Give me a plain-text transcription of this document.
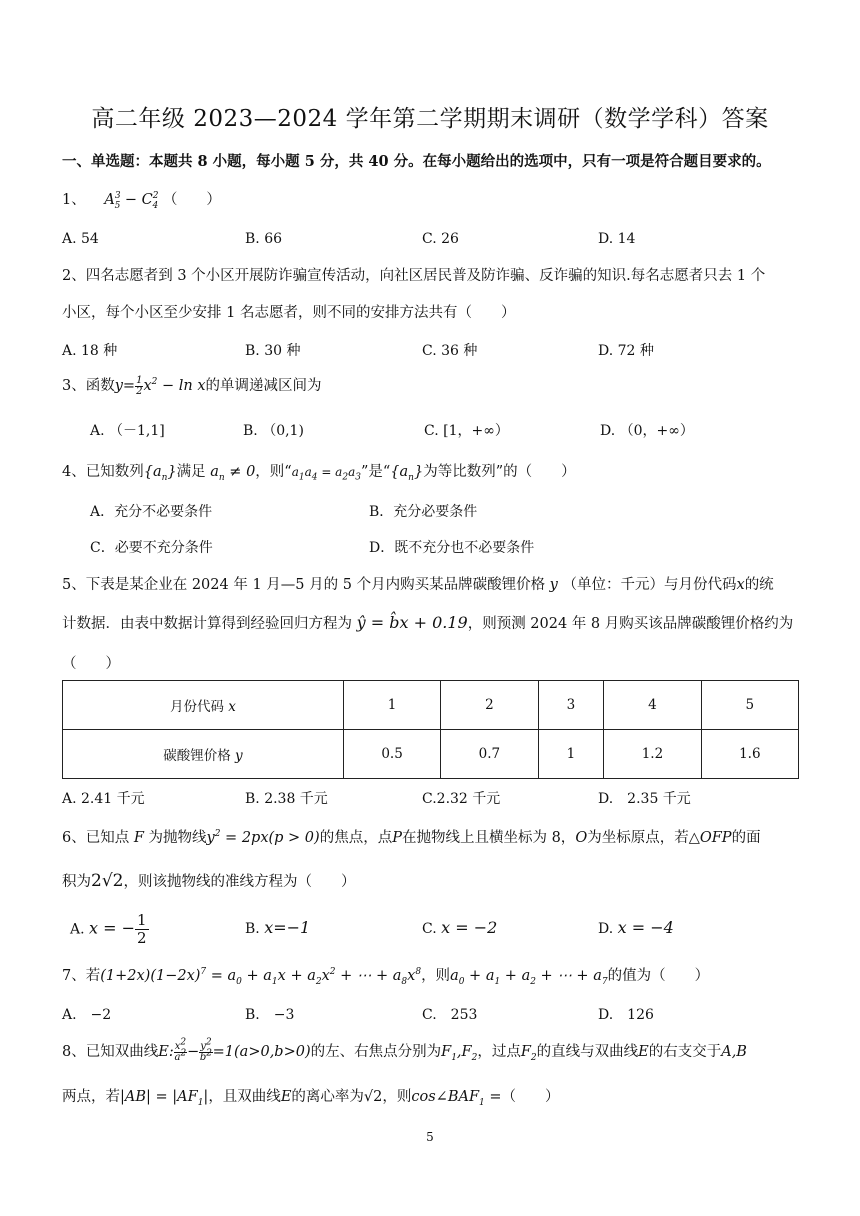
高二年级 2023—2024 学年第二学期期末调研（数学学科）答案
一、单选题：本题共 8 小题，每小题 5 分，共 40 分。在每小题给出的选项中，只有一项是符合题目要求的。
1、 $A^3_5 - C^2_4$ （　　）
A. 54	B. 66	C. 26	D. 14
2、四名志愿者到 3 个小区开展防诈骗宣传活动，向社区居民普及防诈骗、反诈骗的知识.每名志愿者只去 1 个
小区，每个小区至少安排 1 名志愿者，则不同的安排方法共有（　　）
A. 18 种	B. 30 种	C. 36 种	D. 72 种
3、函数$y= \frac{1}{2} x^2 - \ln x$的单调递减区间为
A. （－1,1]	B. （0,1)	C. [1，+∞）	D. （0，+∞）
4、已知数列$\{a_n\}$满足 $a_n \ne 0$，则“$a_1a_4 = a_2a_3$”是“$\{a_n\}$为等比数列”的（　　）
A．充分不必要条件	B．充分必要条件
C．必要不充分条件	D．既不充分也不必要条件
5、下表是某企业在 2024 年 1 月—5 月的 5 个月内购买某品牌碳酸锂价格 y （单位：千元）与月份代码x的统
计数据．由表中数据计算得到经验回归方程为 ŷ = b̂x + 0.19，则预测 2024 年 8 月购买该品牌碳酸锂价格约为
（　　）
月份代码 x	1	2	3	4	5
碳酸锂价格 y	0.5	0.7	1	1.2	1.6
A. 2.41 千元	B. 2.38 千元	C.2.32 千元	D.　2.35 千元
6、已知点 F 为抛物线$y^2 = 2px(p > 0)$的焦点，点P在抛物线上且横坐标为 8，O为坐标原点，若△OFP的面
积为2√2，则该抛物线的准线方程为（　　）
A. x = − $\frac{1}{2}$	B. x=−1	C. x = −2	D. x = −4
7、若$(1+2x)(1-2x)^7 = a_0 + a_1x + a_2x^2$ + ⋯ + $a_8x^8$，则$a_0 + a_1 + a_2$ + ⋯ + $a_7$的值为（　　）
A.　−2	B.　−3	C.　253	D.　126
8、已知双曲线E: $\frac{x^2}{a^2} - \frac{y^2}{b^2} =1(a>0,b>0)$的左、右焦点分别为$F_1,F_2$，过点$F_2$的直线与双曲线E的右支交于A,B
两点，若$|AB| = |AF_1|$，且双曲线E的离心率为√2，则$\cos\angle BAF_1$ =（　　）
5
